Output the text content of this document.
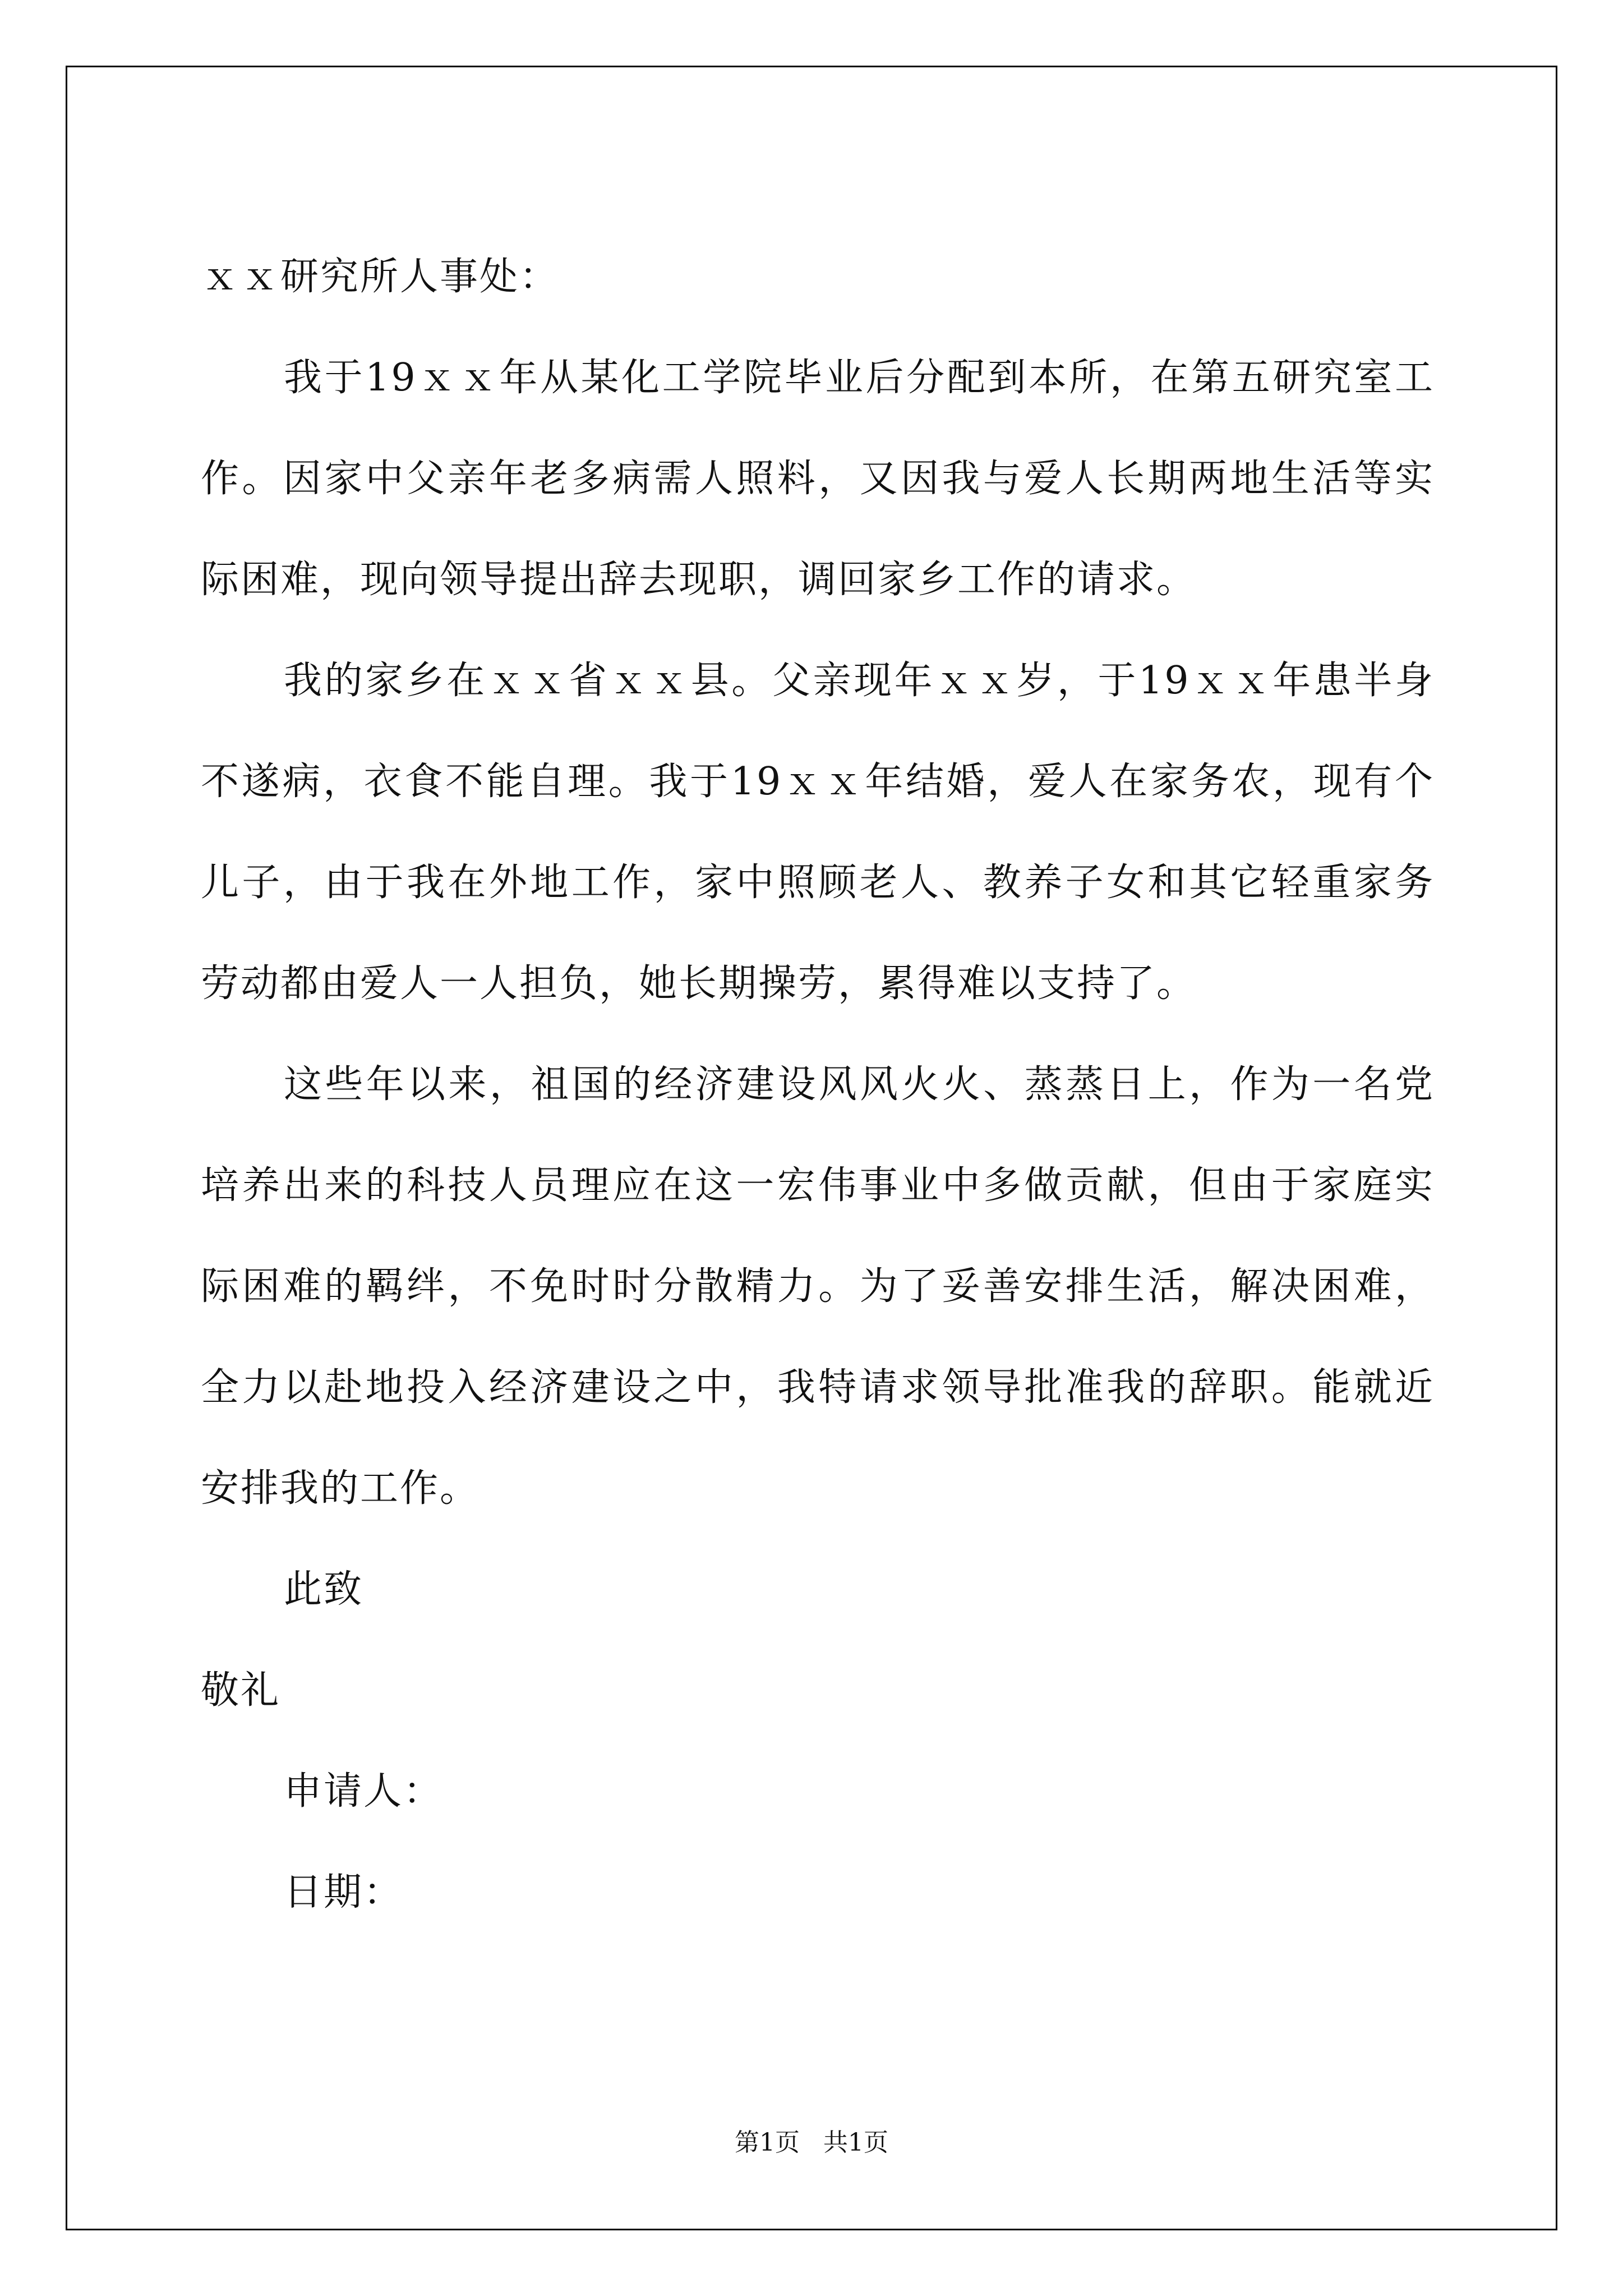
ｘｘ研究所人事处：
我于19ｘｘ年从某化工学院毕业后分配到本所，在第五研究室工
作。因家中父亲年老多病需人照料，又因我与爱人长期两地生活等实
际困难，现向领导提出辞去现职，调回家乡工作的请求。
我的家乡在ｘｘ省ｘｘ县。父亲现年ｘｘ岁，于19ｘｘ年患半身
不遂病，衣食不能自理。我于19ｘｘ年结婚，爱人在家务农，现有个
儿子，由于我在外地工作，家中照顾老人、教养子女和其它轻重家务
劳动都由爱人一人担负，她长期操劳，累得难以支持了。
这些年以来，祖国的经济建设风风火火、蒸蒸日上，作为一名党
培养出来的科技人员理应在这一宏伟事业中多做贡献，但由于家庭实
际困难的羁绊，不免时时分散精力。为了妥善安排生活，解决困难，
全力以赴地投入经济建设之中，我特请求领导批准我的辞职。能就近
安排我的工作。
此致
敬礼
申请人：
日期：
第1页   共1页
